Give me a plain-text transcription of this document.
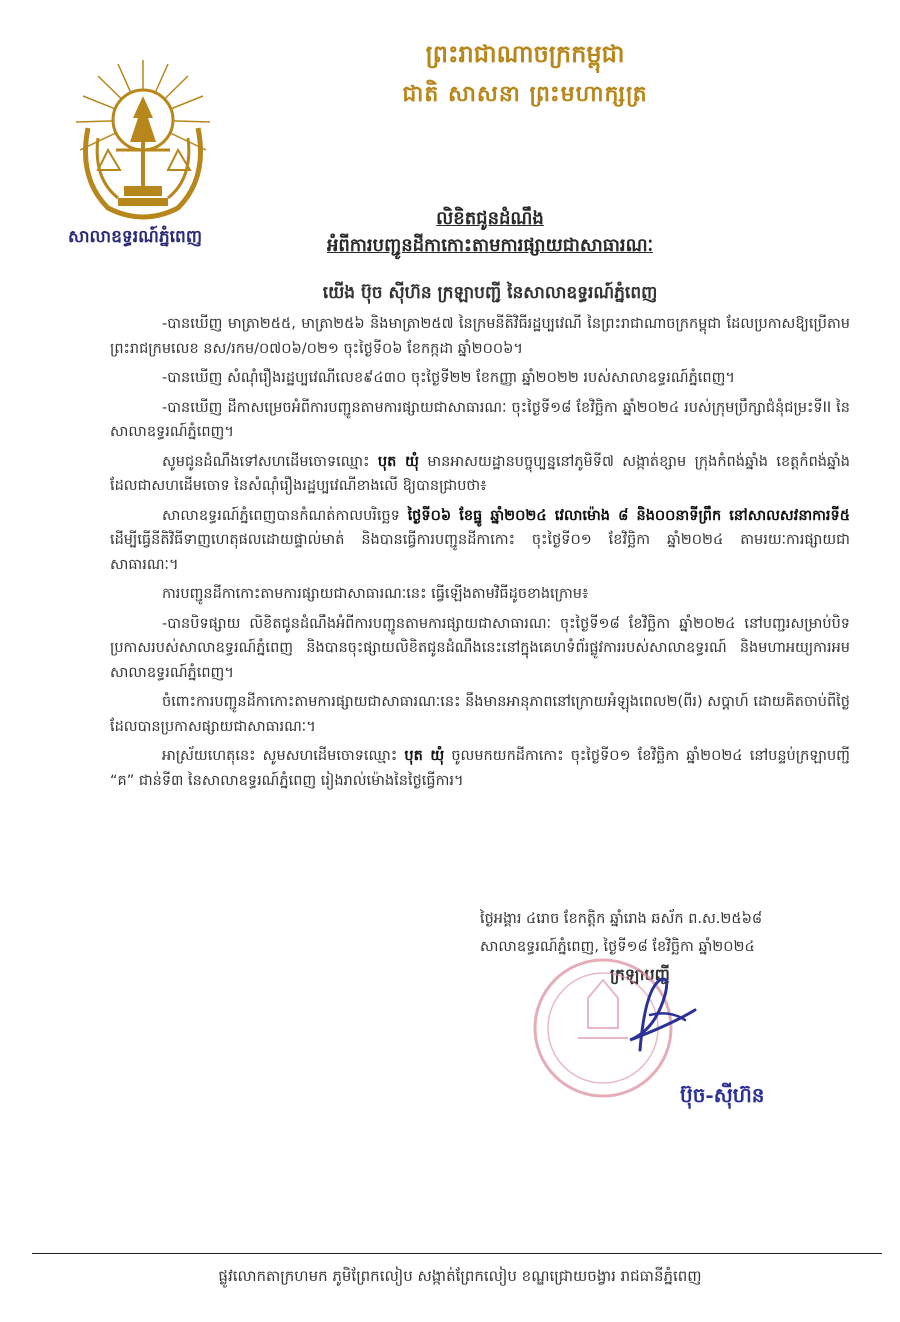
សាលាឧទ្ធរណ៍ភ្នំពេញ
ព្រះរាជាណាចក្រកម្ពុជា
ជាតិ សាសនា ព្រះមហាក្សត្រ
លិខិតជូនដំណឹង
អំពីការបញ្ជូនដីកាកោះតាមការផ្សាយជាសាធារណៈ
យើង ប៊ុច ស៊ីហ៊ន ក្រឡាបញ្ជី នៃសាលាឧទ្ធរណ៍ភ្នំពេញ

-បានឃើញ មាត្រា២៥៥, មាត្រា២៥៦ និងមាត្រា២៥៧ នៃក្រមនីតិវិធីរដ្ឋប្បវេណី នៃព្រះរាជាណាចក្រកម្ពុជា ដែលប្រកាសឱ្យប្រើតាមព្រះរាជក្រមលេខ នស/រកម/០៧០៦/០២១ ចុះថ្ងៃទី០៦ ខែកក្កដា ឆ្នាំ២០០៦។

-បានឃើញ សំណុំរឿងរដ្ឋប្បវេណីលេខ៩៤៣០ ចុះថ្ងៃទី២២ ខែកញ្ញា ឆ្នាំ២០២២ របស់សាលាឧទ្ធរណ៍ភ្នំពេញ។

-បានឃើញ ដីកាសម្រេចអំពីការបញ្ជូនតាមការផ្សាយជាសាធារណៈ ចុះថ្ងៃទី១៨ ខែវិច្ឆិកា ឆ្នាំ២០២៤ របស់ក្រុមប្រឹក្សាជំនុំជម្រះទីII នៃសាលាឧទ្ធរណ៍ភ្នំពេញ។

សូមជូនដំណឹងទៅសហដើមចោទឈ្មោះ បុត យុំ មានអាសយដ្ឋានបច្ចុប្បន្ននៅភូមិទី៧ សង្កាត់ខ្សាម ក្រុងកំពង់ឆ្នាំង ខេត្តកំពង់ឆ្នាំង ដែលជាសហដើមចោទ នៃសំណុំរឿងរដ្ឋប្បវេណីខាងលើ ឱ្យបានជ្រាបថា៖

សាលាឧទ្ធរណ៍ភ្នំពេញបានកំណត់កាលបរិច្ឆេទ ថ្ងៃទី០៦ ខែធ្នូ ឆ្នាំ២០២៤ វេលាម៉ោង ៨ និង០០នាទីព្រឹក នៅសាលសវនាការទី៥ ដើម្បីធ្វើនីតិវិធីទាញហេតុផលដោយផ្ទាល់មាត់ និងបានធ្វើការបញ្ជូនដីកាកោះ ចុះថ្ងៃទី០១ ខែវិច្ឆិកា ឆ្នាំ២០២៤ តាមរយៈការផ្សាយជាសាធារណៈ។

ការបញ្ជូនដីកាកោះតាមការផ្សាយជាសាធារណៈនេះ ធ្វើឡើងតាមវិធីដូចខាងក្រោម៖

-បានបិទផ្សាយ លិខិតជូនដំណឹងអំពីការបញ្ជូនតាមការផ្សាយជាសាធារណៈ ចុះថ្ងៃទី១៨ ខែវិច្ឆិកា ឆ្នាំ២០២៤ នៅបញ្ជរសម្រាប់បិទប្រកាសរបស់សាលាឧទ្ធរណ៍ភ្នំពេញ និងបានចុះផ្សាយលិខិតជូនដំណឹងនេះនៅក្នុងគេហទំព័រផ្លូវការរបស់សាលាឧទ្ធរណ៍ និងមហាអយ្យការអមសាលាឧទ្ធរណ៍ភ្នំពេញ។

ចំពោះការបញ្ជូនដីកាកោះតាមការផ្សាយជាសាធារណៈនេះ នឹងមានអានុភាពនៅក្រោយអំឡុងពេល២(ពីរ) សប្តាហ៍ ដោយគិតចាប់ពីថ្ងៃដែលបានប្រកាសផ្សាយជាសាធារណៈ។

អាស្រ័យហេតុនេះ សូមសហដើមចោទឈ្មោះ បុត យុំ ចូលមកយកដីកាកោះ ចុះថ្ងៃទី០១ ខែវិច្ឆិកា ឆ្នាំ២០២៤ នៅបន្ទប់ក្រឡាបញ្ជី “គ” ជាន់ទី៣ នៃសាលាឧទ្ធរណ៍ភ្នំពេញ រៀងរាល់ម៉ោងនៃថ្ងៃធ្វើការ។

ថ្ងៃអង្គារ ៤រោច ខែកត្តិក ឆ្នាំរោង ឆស័ក ព.ស.២៥៦៨
សាលាឧទ្ធរណ៍ភ្នំពេញ, ថ្ងៃទី១៨ ខែវិច្ឆិកា ឆ្នាំ២០២៤
ក្រឡាបញ្ជី
ប៊ុច-ស៊ីហ៊ន
ផ្លូវលោកតាក្រហមក ភូមិព្រែកលៀប សង្កាត់ព្រែកលៀប ខណ្ឌជ្រោយចង្វារ រាជធានីភ្នំពេញ
